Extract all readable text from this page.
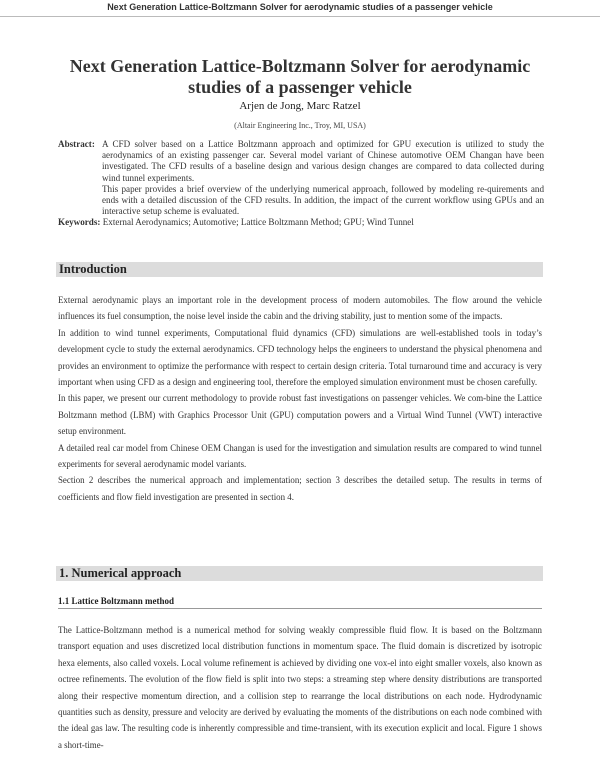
Next Generation Lattice-Boltzmann Solver for aerodynamic studies of a passenger vehicle
Next Generation Lattice-Boltzmann Solver for aerodynamic
studies of a passenger vehicle
Arjen de Jong, Marc Ratzel
(Altair Engineering Inc., Troy, MI, USA)
Abstract: A CFD solver based on a Lattice Boltzmann approach and optimized for GPU execution is utilized to study the aerodynamics of an existing passenger car. Several model variant of Chinese automotive OEM Changan have been investigated. The CFD results of a baseline design and various design changes are compared to data collected during wind tunnel experiments.

This paper provides a brief overview of the underlying numerical approach, followed by modeling re-quirements and ends with a detailed discussion of the CFD results. In addition, the impact of the current workflow using GPUs and an interactive setup scheme is evaluated.

Keywords: External Aerodynamics; Automotive; Lattice Boltzmann Method; GPU; Wind Tunnel
Introduction

External aerodynamic plays an important role in the development process of modern automobiles. The flow around the vehicle influences its fuel consumption, the noise level inside the cabin and the driving stability, just to mention some of the impacts.

In addition to wind tunnel experiments, Computational fluid dynamics (CFD) simulations are well-established tools in today’s development cycle to study the external aerodynamics. CFD technology helps the engineers to understand the physical phenomena and provides an environment to optimize the performance with respect to certain design criteria. Total turnaround time and accuracy is very important when using CFD as a design and engineering tool, therefore the employed simulation environment must be chosen carefully.

In this paper, we present our current methodology to provide robust fast investigations on passenger vehicles. We com-bine the Lattice Boltzmann method (LBM) with Graphics Processor Unit (GPU) computation powers and a Virtual Wind Tunnel (VWT) interactive setup environment.

A detailed real car model from Chinese OEM Changan is used for the investigation and simulation results are compared to wind tunnel experiments for several aerodynamic model variants.

Section 2 describes the numerical approach and implementation; section 3 describes the detailed setup. The results in terms of coefficients and flow field investigation are presented in section 4.

1. Numerical approach
1.1 Lattice Boltzmann method

The Lattice-Boltzmann method is a numerical method for solving weakly compressible fluid flow. It is based on the Boltzmann transport equation and uses discretized local distribution functions in momentum space. The fluid domain is discretized by isotropic hexa elements, also called voxels. Local volume refinement is achieved by dividing one vox-el into eight smaller voxels, also known as octree refinements. The evolution of the flow field is split into two steps: a streaming step where density distributions are transported along their respective momentum direction, and a collision step to rearrange the local distributions on each node. Hydrodynamic quantities such as density, pressure and velocity are derived by evaluating the moments of the distributions on each node combined with the ideal gas law. The resulting code is inherently compressible and time-transient, with its execution explicit and local. Figure 1 shows a short-time-
